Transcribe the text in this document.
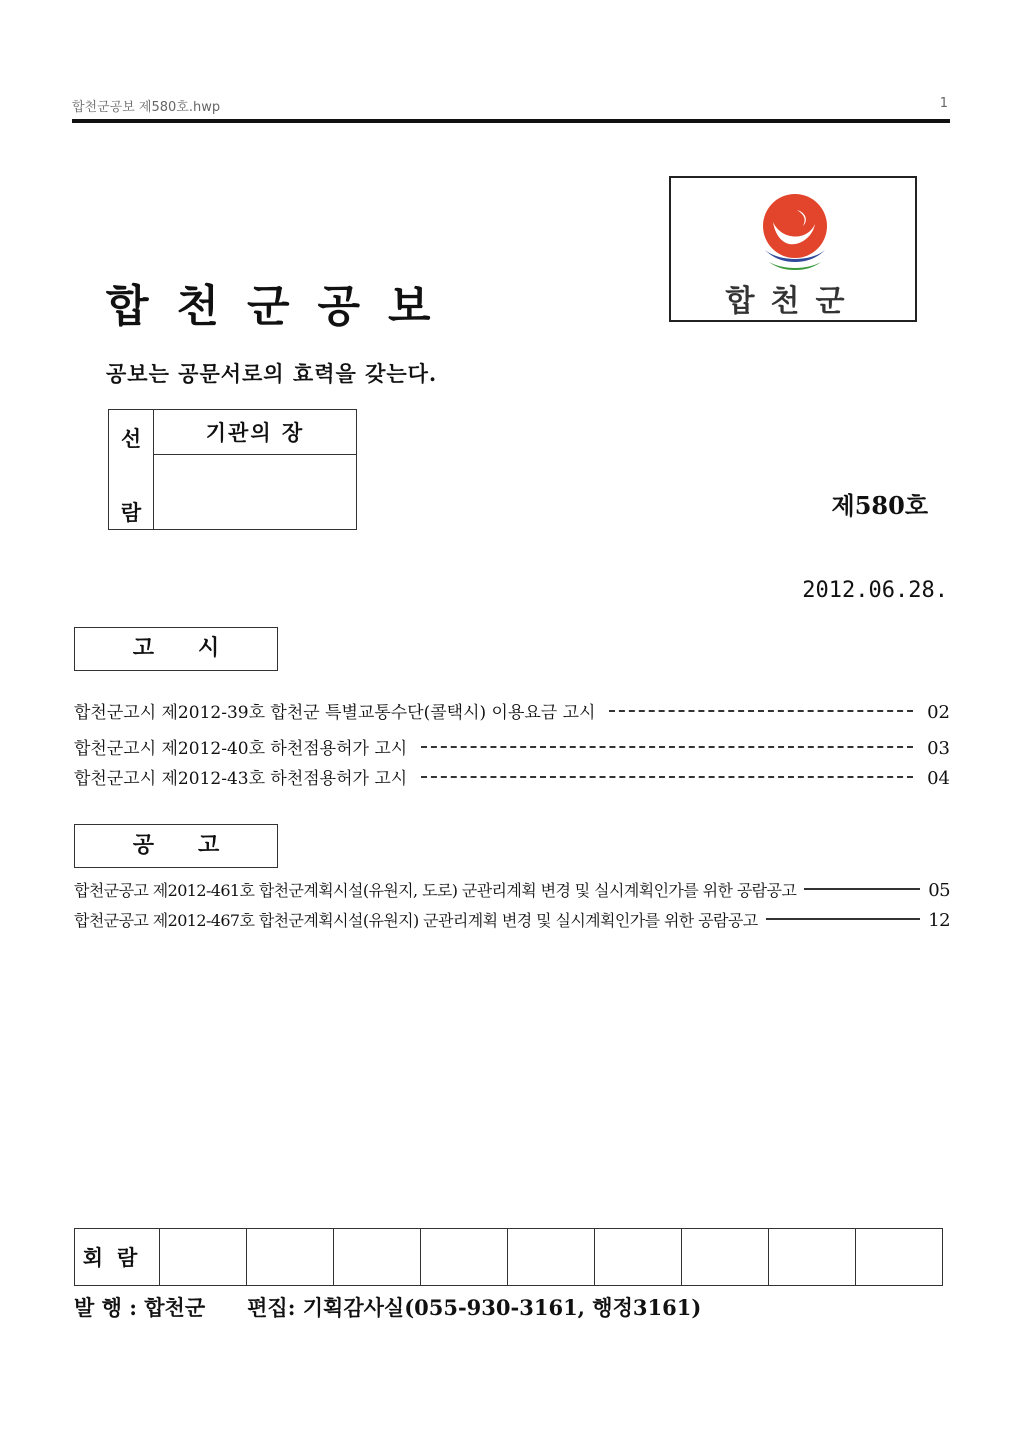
합천군공보 제580호.hwp	1
합천군공보
공보는 공문서로의 효력을 갖는다.
합천군
선
람
	기관의 장

제580호
2012.06.28.
고 시
합천군고시 제2012-39호 합천군 특별교통수단(콜택시) 이용요금 고시	02
합천군고시 제2012-40호 하천점용허가 고시	03
합천군고시 제2012-43호 하천점용허가 고시	04
공 고
합천군공고 제2012-461호 합천군계획시설(유원지, 도로) 군관리계획 변경 및 실시계획인가를 위한 공람공고	05
합천군공고 제2012-467호 합천군계획시설(유원지) 군관리계획 변경 및 실시계획인가를 위한 공람공고	12
회람									
발 행 : 합천군 편집: 기획감사실(055-930-3161, 행정3161)
